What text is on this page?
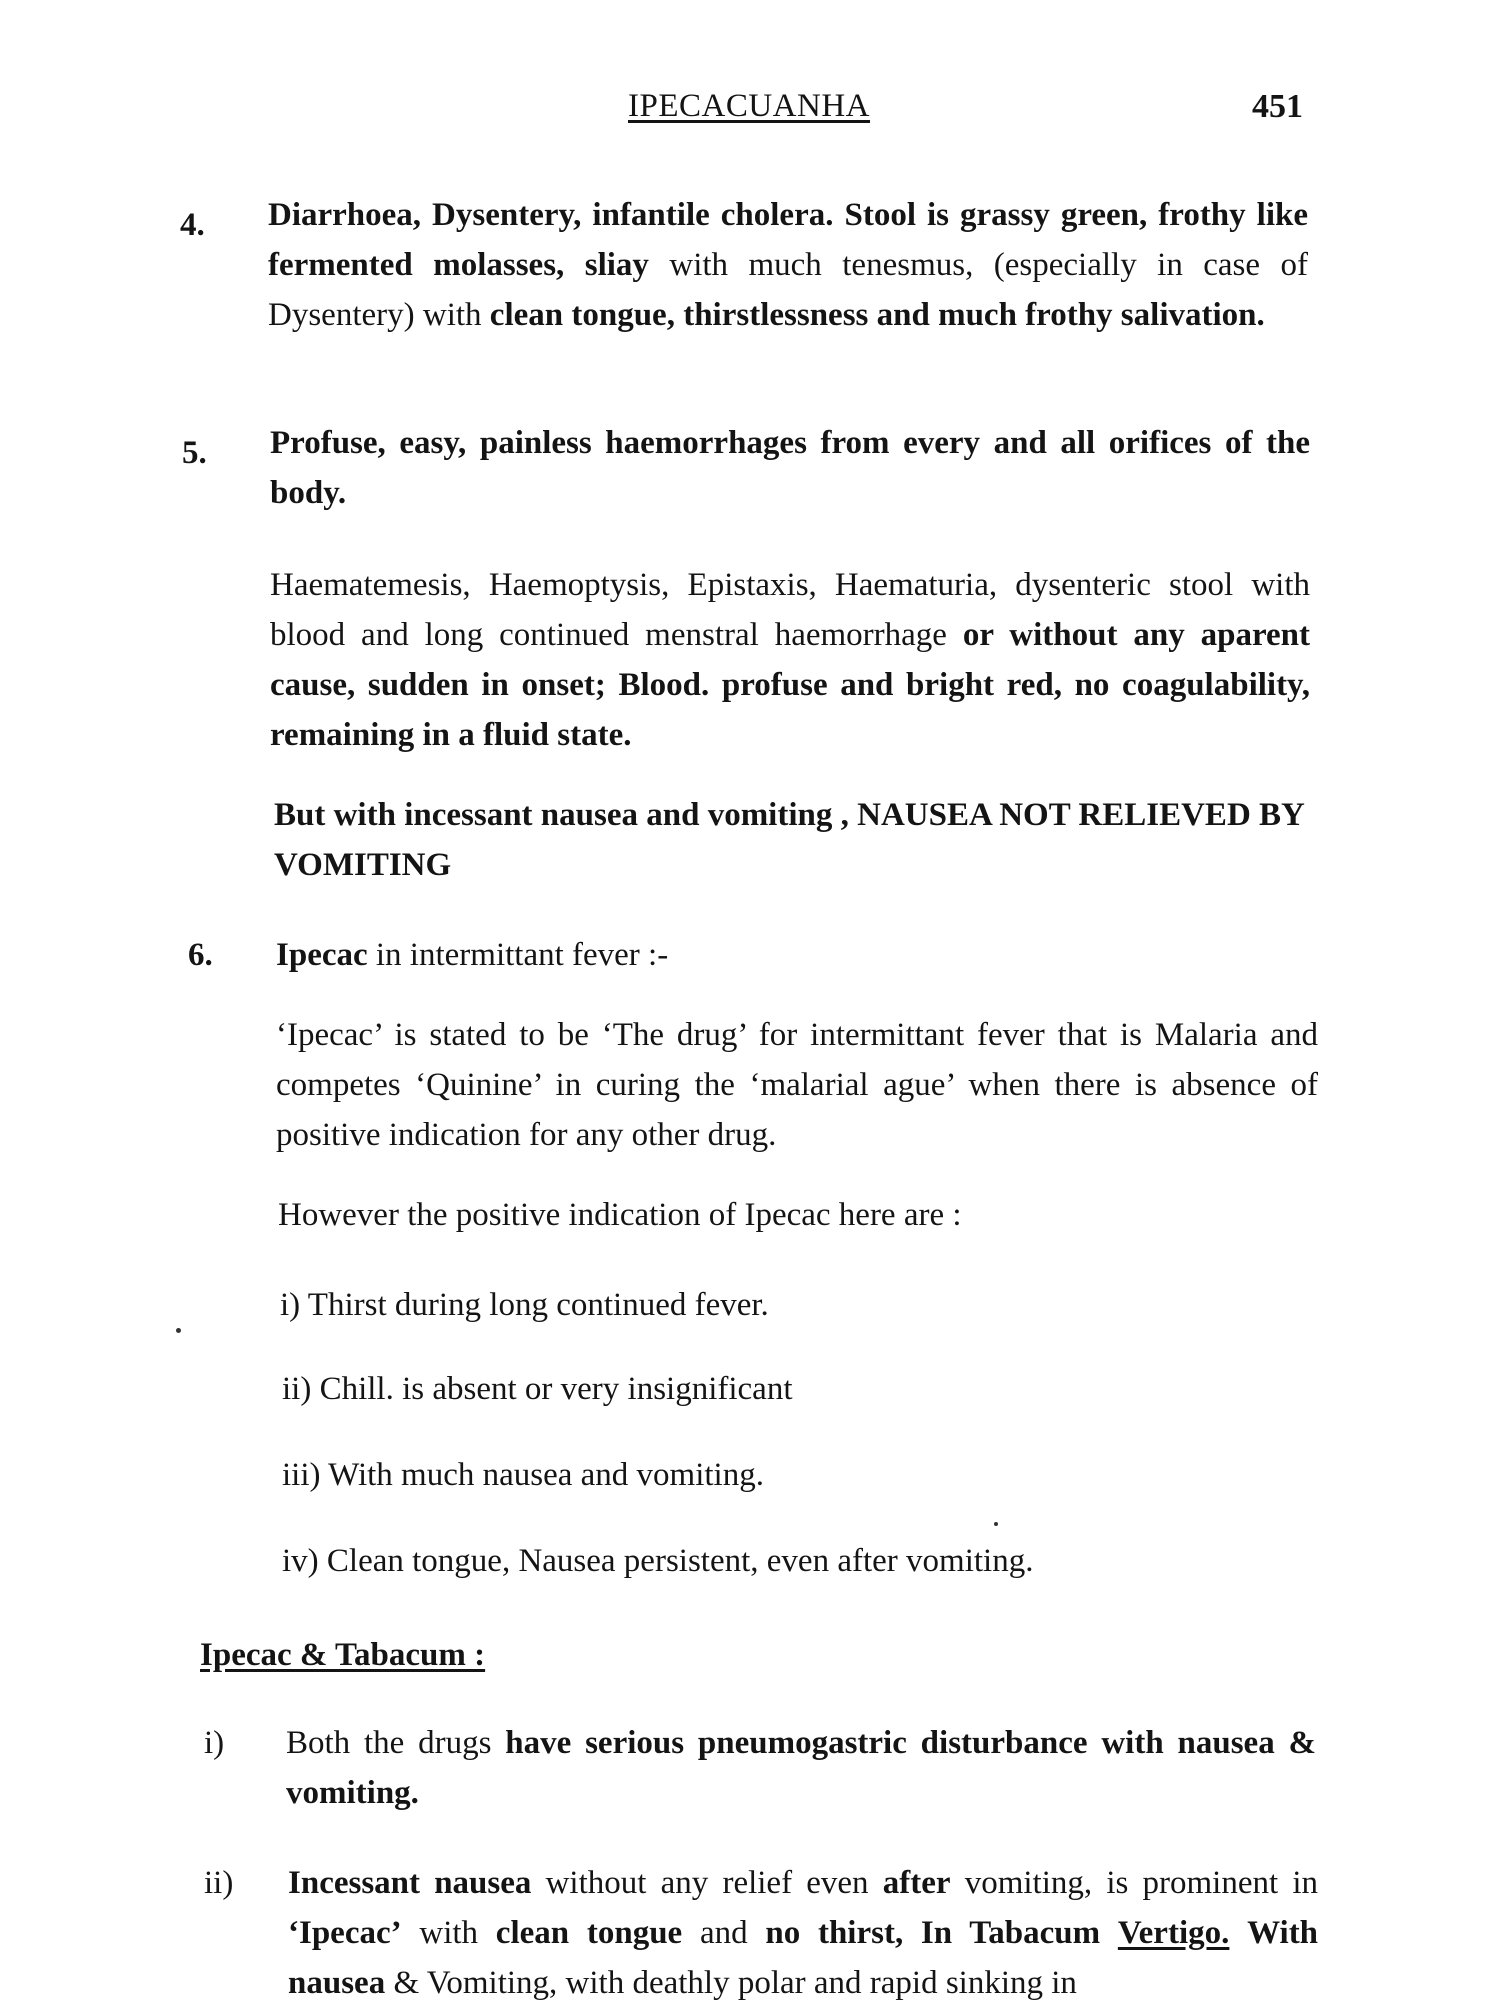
IPECACUANHA	451
4. Diarrhoea, Dysentery, infantile cholera. Stool is grassy green, frothy like fermented molasses, sliay with much tenesmus, (especially in case of Dysentery) with clean tongue, thirstlessness and much frothy salivation.
5. Profuse, easy, painless haemorrhages from every and all orifices of the body.
Haematemesis, Haemoptysis, Epistaxis, Haematuria, dysenteric stool with blood and long continued menstral haemorrhage or without any aparent cause, sudden in onset; Blood. profuse and bright red, no coagulability, remaining in a fluid state.
But with incessant nausea and vomiting , NAUSEA NOT RELIEVED BY VOMITING
6. Ipecac in intermittant fever :-
‘Ipecac’ is stated to be ‘The drug’ for intermittant fever that is Malaria and competes ‘Quinine’ in curing the ‘malarial ague’ when there is absence of positive indication for any other drug.
However the positive indication of Ipecac here are :
i) Thirst during long continued fever.
ii) Chill. is absent or very insignificant
iii) With much nausea and vomiting.
iv) Clean tongue, Nausea persistent, even after vomiting.
Ipecac & Tabacum :
i) Both the drugs have serious pneumogastric disturbance with nausea & vomiting.
ii) Incessant nausea without any relief even after vomiting, is prominent in ‘Ipecac’ with clean tongue and no thirst, In Tabacum Vertigo. With nausea & Vomiting, with deathly polar and rapid sinking in
